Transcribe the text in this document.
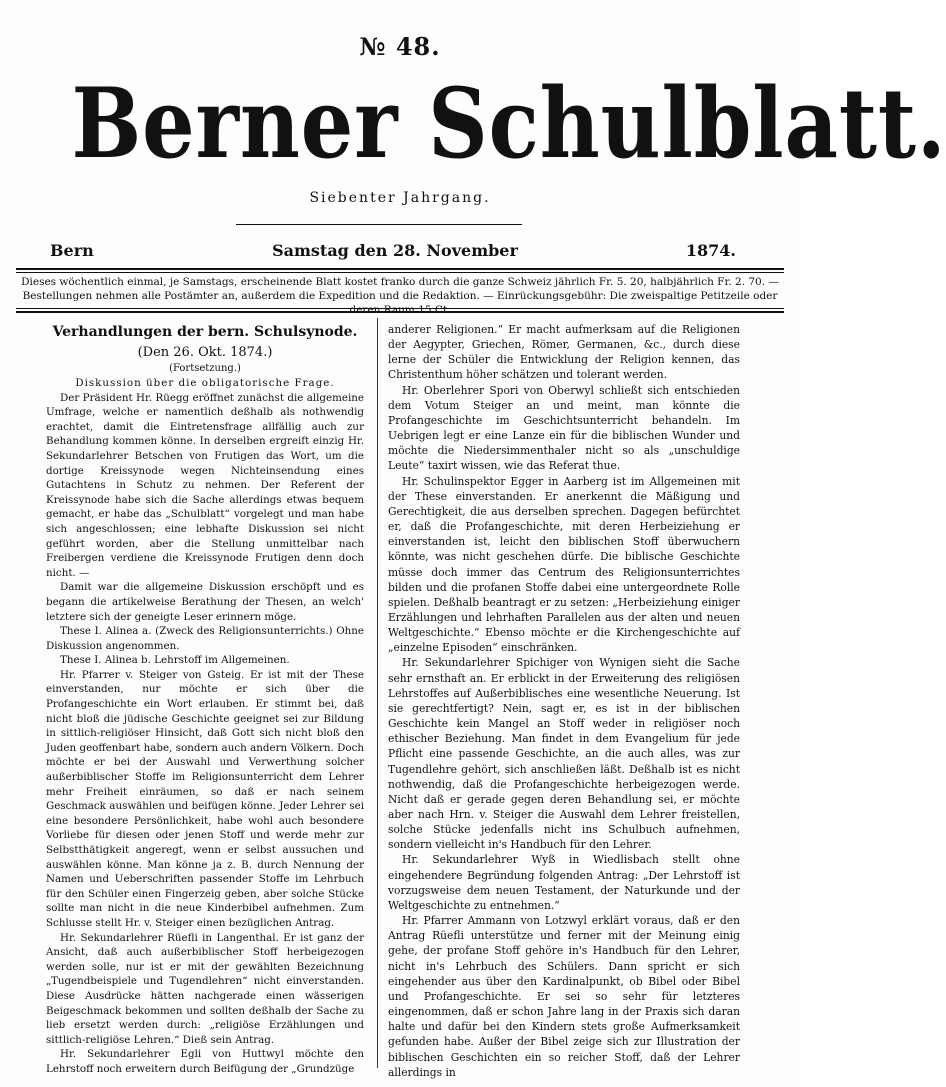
№ 48.
Berner Schulblatt.
Siebenter Jahrgang.
Bern	Samstag den 28. November	1874.
Dieses wöchentlich einmal, je Samstags, erscheinende Blatt kostet franko durch die ganze Schweiz jährlich Fr. 5. 20, halbjährlich Fr. 2. 70. — Bestellungen nehmen alle Postämter an, außerdem die Expedition und die Redaktion. — Einrückungsgebühr: Die zweispaltige Petitzeile oder deren Raum 15 Ct.
Verhandlungen der bern. Schulsynode.
(Den 26. Okt. 1874.)
(Fortsetzung.)
Diskussion über die obligatorische Frage.

Der Präsident Hr. Rüegg eröffnet zunächst die allgemeine Umfrage, welche er namentlich deßhalb als nothwendig erachtet, damit die Eintretensfrage allfällig auch zur Behandlung kommen könne. In derselben ergreift einzig Hr. Sekundarlehrer Betschen von Frutigen das Wort, um die dortige Kreissynode wegen Nichteinsendung eines Gutachtens in Schutz zu nehmen. Der Referent der Kreissynode habe sich die Sache allerdings etwas bequem gemacht, er habe das „Schulblatt“ vorgelegt und man habe sich angeschlossen; eine lebhafte Diskussion sei nicht geführt worden, aber die Stellung unmittelbar nach Freibergen verdiene die Kreissynode Frutigen denn doch nicht. —

Damit war die allgemeine Diskussion erschöpft und es begann die artikelweise Berathung der Thesen, an welch' letztere sich der geneigte Leser erinnern möge.

These I. Alinea a. (Zweck des Religionsunterrichts.) Ohne Diskussion angenommen.

These I. Alinea b. Lehrstoff im Allgemeinen.

Hr. Pfarrer v. Steiger von Gsteig. Er ist mit der These einverstanden, nur möchte er sich über die Profangeschichte ein Wort erlauben. Er stimmt bei, daß nicht bloß die jüdische Geschichte geeignet sei zur Bildung in sittlich-religiöser Hinsicht, daß Gott sich nicht bloß den Juden geoffenbart habe, sondern auch andern Völkern. Doch möchte er bei der Auswahl und Verwerthung solcher außerbiblischer Stoffe im Religionsunterricht dem Lehrer mehr Freiheit einräumen, so daß er nach seinem Geschmack auswählen und beifügen könne. Jeder Lehrer sei eine besondere Persönlichkeit, habe wohl auch besondere Vorliebe für diesen oder jenen Stoff und werde mehr zur Selbstthätigkeit angeregt, wenn er selbst aussuchen und auswählen könne. Man könne ja z. B. durch Nennung der Namen und Ueberschriften passender Stoffe im Lehrbuch für den Schüler einen Fingerzeig geben, aber solche Stücke sollte man nicht in die neue Kinderbibel aufnehmen. Zum Schlusse stellt Hr. v. Steiger einen bezüglichen Antrag.

Hr. Sekundarlehrer Rüefli in Langenthal. Er ist ganz der Ansicht, daß auch außerbiblischer Stoff herbeigezogen werden solle, nur ist er mit der gewählten Bezeichnung „Tugendbeispiele und Tugendlehren“ nicht einverstanden. Diese Ausdrücke hätten nachgerade einen wässerigen Beigeschmack bekommen und sollten deßhalb der Sache zu lieb ersetzt werden durch: „religiöse Erzählungen und sittlich-religiöse Lehren.“ Dieß sein Antrag.

Hr. Sekundarlehrer Egli von Huttwyl möchte den Lehrstoff noch erweitern durch Beifügung der „Grundzüge

anderer Religionen.“ Er macht aufmerksam auf die Religionen der Aegypter, Griechen, Römer, Germanen, &c., durch diese lerne der Schüler die Entwicklung der Religion kennen, das Christenthum höher schätzen und tolerant werden.

Hr. Oberlehrer Spori von Oberwyl schließt sich entschieden dem Votum Steiger an und meint, man könnte die Profangeschichte im Geschichtsunterricht behandeln. Im Uebrigen legt er eine Lanze ein für die biblischen Wunder und möchte die Niedersimmenthaler nicht so als „unschuldige Leute“ taxirt wissen, wie das Referat thue.

Hr. Schulinspektor Egger in Aarberg ist im Allgemeinen mit der These einverstanden. Er anerkennt die Mäßigung und Gerechtigkeit, die aus derselben sprechen. Dagegen befürchtet er, daß die Profangeschichte, mit deren Herbeiziehung er einverstanden ist, leicht den biblischen Stoff überwuchern könnte, was nicht geschehen dürfe. Die biblische Geschichte müsse doch immer das Centrum des Religionsunterrichtes bilden und die profanen Stoffe dabei eine untergeordnete Rolle spielen. Deßhalb beantragt er zu setzen: „Herbeiziehung einiger Erzählungen und lehrhaften Parallelen aus der alten und neuen Weltgeschichte.“ Ebenso möchte er die Kirchengeschichte auf „einzelne Episoden“ einschränken.

Hr. Sekundarlehrer Spichiger von Wynigen sieht die Sache sehr ernsthaft an. Er erblickt in der Erweiterung des religiösen Lehrstoffes auf Außerbiblisches eine wesentliche Neuerung. Ist sie gerechtfertigt? Nein, sagt er, es ist in der biblischen Geschichte kein Mangel an Stoff weder in religiöser noch ethischer Beziehung. Man findet in dem Evangelium für jede Pflicht eine passende Geschichte, an die auch alles, was zur Tugendlehre gehört, sich anschließen läßt. Deßhalb ist es nicht nothwendig, daß die Profangeschichte herbeigezogen werde. Nicht daß er gerade gegen deren Behandlung sei, er möchte aber nach Hrn. v. Steiger die Auswahl dem Lehrer freistellen, solche Stücke jedenfalls nicht ins Schulbuch aufnehmen, sondern vielleicht in's Handbuch für den Lehrer.

Hr. Sekundarlehrer Wyß in Wiedlisbach stellt ohne eingehendere Begründung folgenden Antrag: „Der Lehrstoff ist vorzugsweise dem neuen Testament, der Naturkunde und der Weltgeschichte zu entnehmen.“

Hr. Pfarrer Ammann von Lotzwyl erklärt voraus, daß er den Antrag Rüefli unterstütze und ferner mit der Meinung einig gehe, der profane Stoff gehöre in's Handbuch für den Lehrer, nicht in's Lehrbuch des Schülers. Dann spricht er sich eingehender aus über den Kardinalpunkt, ob Bibel oder Bibel und Profangeschichte. Er sei so sehr für letzteres eingenommen, daß er schon Jahre lang in der Praxis sich daran halte und dafür bei den Kindern stets große Aufmerksamkeit gefunden habe. Außer der Bibel zeige sich zur Illustration der biblischen Geschichten ein so reicher Stoff, daß der Lehrer allerdings in
